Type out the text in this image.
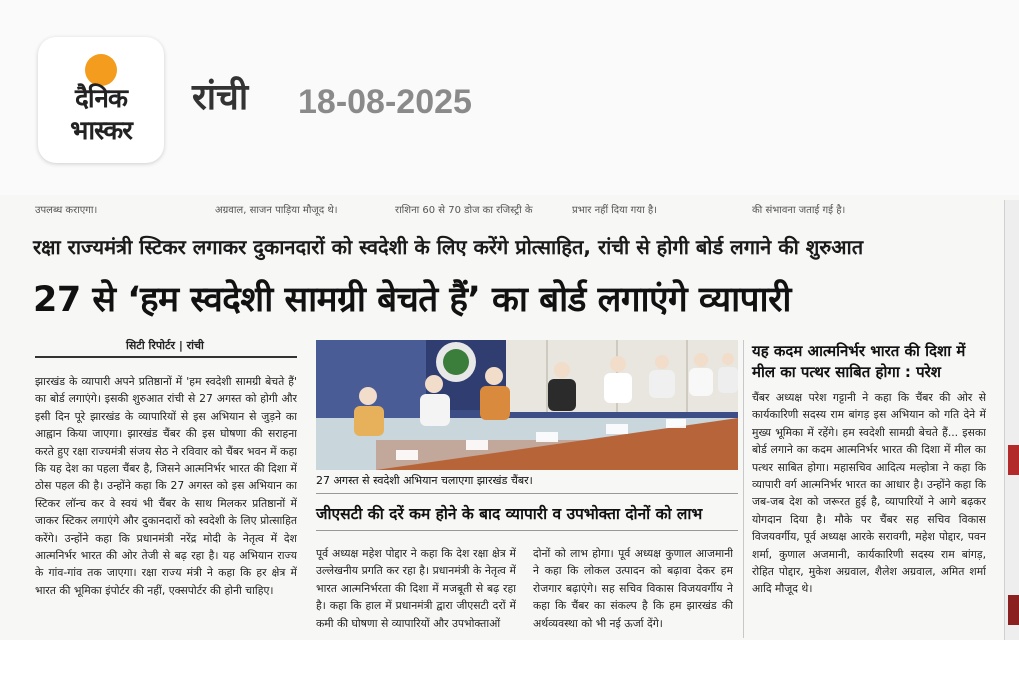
दैनिक
भास्कर
रांची 18-08-2025
उपलब्ध कराएगा।	अग्रवाल, साजन पाड़िया मौजूद थे।	राशिना 60 से 70 डोज का रजिस्ट्री के	प्रभार नहीं दिया गया है।	की संभावना जताई गई है।
रक्षा राज्यमंत्री स्टिकर लगाकर दुकानदारों को स्वदेशी के लिए करेंगे प्रोत्साहित, रांची से होगी बोर्ड लगाने की शुरुआत
27 से ‘हम स्वदेशी सामग्री बेचते हैं’ का बोर्ड लगाएंगे व्यापारी
सिटी रिपोर्टर | रांची
झारखंड के व्यापारी अपने प्रतिष्ठानों में 'हम स्वदेशी सामग्री बेचते हैं' का बोर्ड लगाएंगे। इसकी शुरुआत रांची से 27 अगस्त को होगी और इसी दिन पूरे झारखंड के व्यापारियों से इस अभियान से जुड़ने का आह्वान किया जाएगा। झारखंड चैंबर की इस घोषणा की सराहना करते हुए रक्षा राज्यमंत्री संजय सेठ ने रविवार को चैंबर भवन में कहा कि यह देश का पहला चैंबर है, जिसने आत्मनिर्भर भारत की दिशा में ठोस पहल की है। उन्होंने कहा कि 27 अगस्त को इस अभियान का स्टिकर लॉन्च कर वे स्वयं भी चैंबर के साथ मिलकर प्रतिष्ठानों में जाकर स्टिकर लगाएंगे और दुकानदारों को स्वदेशी के लिए प्रोत्साहित करेंगे। उन्होंने कहा कि प्रधानमंत्री नरेंद्र मोदी के नेतृत्व में देश आत्मनिर्भर भारत की ओर तेजी से बढ़ रहा है। यह अभियान राज्य के गांव-गांव तक जाएगा। रक्षा राज्य मंत्री ने कहा कि हर क्षेत्र में भारत की भूमिका इंपोर्टर की नहीं, एक्सपोर्टर की होनी चाहिए।
27 अगस्त से स्वदेशी अभियान चलाएगा झारखंड चैंबर।
जीएसटी की दरें कम होने के बाद व्यापारी व उपभोक्ता दोनों को लाभ
पूर्व अध्यक्ष महेश पोद्दार ने कहा कि देश रक्षा क्षेत्र में उल्लेखनीय प्रगति कर रहा है। प्रधानमंत्री के नेतृत्व में भारत आत्मनिर्भरता की दिशा में मजबूती से बढ़ रहा है। कहा कि हाल में प्रधानमंत्री द्वारा जीएसटी दरों में कमी की घोषणा से व्यापारियों और उपभोक्ताओं
दोनों को लाभ होगा। पूर्व अध्यक्ष कुणाल आजमानी ने कहा कि लोकल उत्पादन को बढ़ावा देकर हम रोजगार बढ़ाएंगे। सह सचिव विकास विजयवर्गीय ने कहा कि चैंबर का संकल्प है कि हम झारखंड की अर्थव्यवस्था को भी नई ऊर्जा देंगे।
यह कदम आत्मनिर्भर भारत की दिशा में मील का पत्थर साबित होगा : परेश
चैंबर अध्यक्ष परेश गट्टानी ने कहा कि चैंबर की ओर से कार्यकारिणी सदस्य राम बांगड़ इस अभियान को गति देने में मुख्य भूमिका में रहेंगे। हम स्वदेशी सामग्री बेचते हैं... इसका बोर्ड लगाने का कदम आत्मनिर्भर भारत की दिशा में मील का पत्थर साबित होगा। महासचिव आदित्य मल्होत्रा ने कहा कि व्यापारी वर्ग आत्मनिर्भर भारत का आधार है। उन्होंने कहा कि जब-जब देश को जरूरत हुई है, व्यापारियों ने आगे बढ़कर योगदान दिया है। मौके पर चैंबर सह सचिव विकास विजयवर्गीय, पूर्व अध्यक्ष आरके सरावगी, महेश पोद्दार, पवन शर्मा, कुणाल अजमानी, कार्यकारिणी सदस्य राम बांगड़, रोहित पोद्दार, मुकेश अग्रवाल, शैलेश अग्रवाल, अमित शर्मा आदि मौजूद थे।
